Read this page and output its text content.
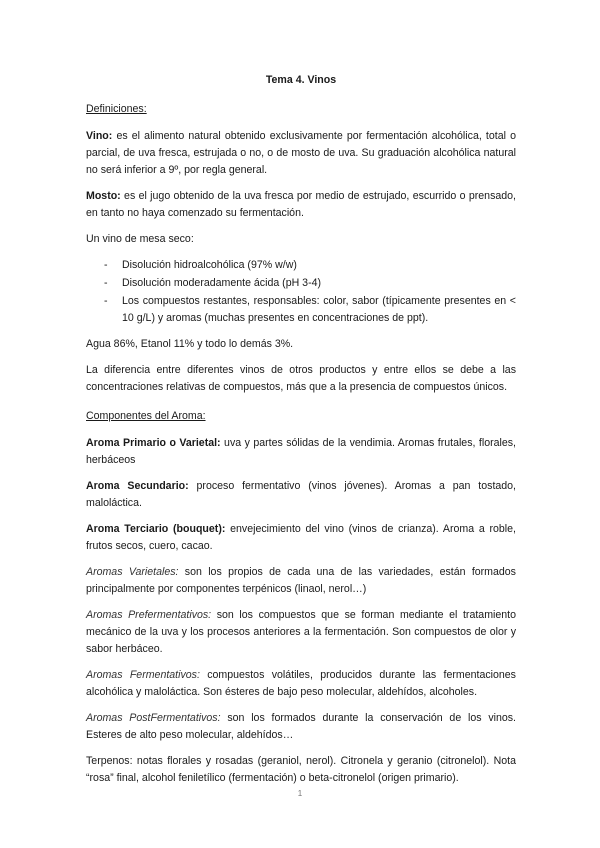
Tema 4. Vinos

Definiciones:

Vino: es el alimento natural obtenido exclusivamente por fermentación alcohólica, total o parcial, de uva fresca, estrujada o no, o de mosto de uva. Su graduación alcohólica natural no será inferior a 9º, por regla general.

Mosto: es el jugo obtenido de la uva fresca por medio de estrujado, escurrido o prensado, en tanto no haya comenzado su fermentación.

Un vino de mesa seco:

- Disolución hidroalcohólica (97% w/w)
- Disolución moderadamente ácida (pH 3-4)
- Los compuestos restantes, responsables: color, sabor (típicamente presentes en < 10 g/L) y aromas (muchas presentes en concentraciones de ppt).

Agua 86%, Etanol 11% y todo lo demás 3%.

La diferencia entre diferentes vinos de otros productos y entre ellos se debe a las concentraciones relativas de compuestos, más que a la presencia de compuestos únicos.

Componentes del Aroma:

Aroma Primario o Varietal: uva y partes sólidas de la vendimia. Aromas frutales, florales, herbáceos

Aroma Secundario: proceso fermentativo (vinos jóvenes). Aromas a pan tostado, maloláctica.

Aroma Terciario (bouquet): envejecimiento del vino (vinos de crianza). Aroma a roble, frutos secos, cuero, cacao.

Aromas Varietales: son los propios de cada una de las variedades, están formados principalmente por componentes terpénicos (linaol, nerol…)

Aromas Prefermentativos: son los compuestos que se forman mediante el tratamiento mecánico de la uva y los procesos anteriores a la fermentación. Son compuestos de olor y sabor herbáceo.

Aromas Fermentativos: compuestos volátiles, producidos durante las fermentaciones alcohólica y maloláctica. Son ésteres de bajo peso molecular, aldehídos, alcoholes.

Aromas PostFermentativos: son los formados durante la conservación de los vinos. Esteres de alto peso molecular, aldehídos…

Terpenos: notas florales y rosadas (geraniol, nerol). Citronela y geranio (citronelol). Nota “rosa” final, alcohol feniletílico (fermentación) o beta-citronelol (origen primario).

1
